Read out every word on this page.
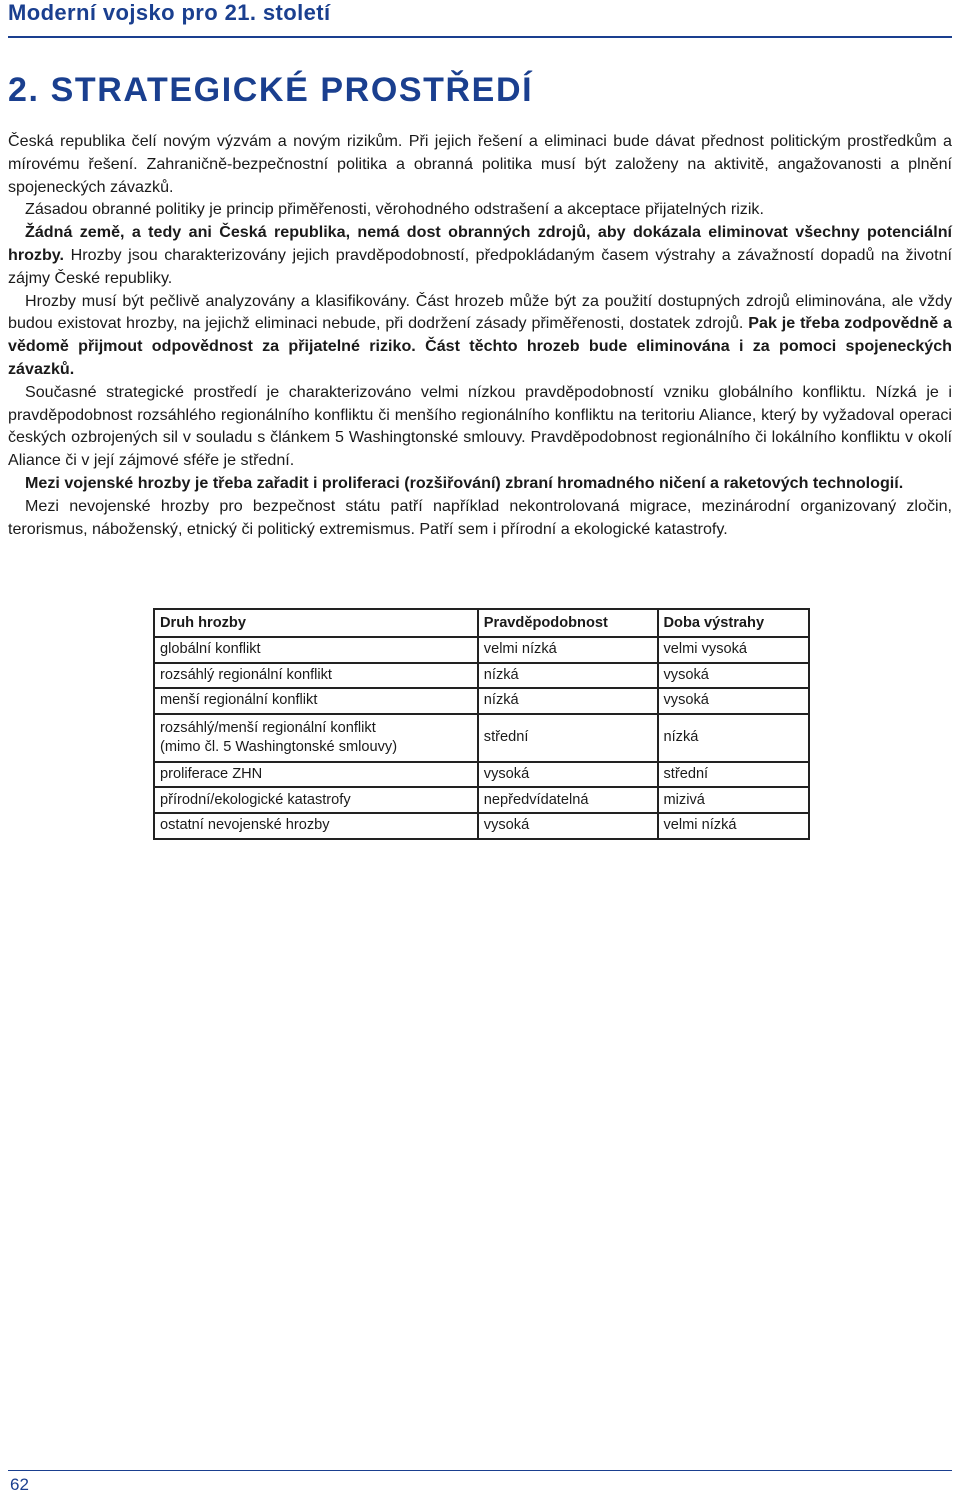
Moderní vojsko pro 21. století
2. STRATEGICKÉ PROSTŘEDÍ

Česká republika čelí novým výzvám a novým rizikům. Při jejich řešení a eliminaci bude dávat přednost politickým prostředkům a mírovému řešení. Zahraničně-bezpečnostní politika a obranná politika musí být založeny na aktivitě, angažovanosti a plnění spojeneckých závazků.

Zásadou obranné politiky je princip přiměřenosti, věrohodného odstrašení a akceptace přijatelných rizik.

Žádná země, a tedy ani Česká republika, nemá dost obranných zdrojů, aby dokázala eliminovat všechny potenciální hrozby. Hrozby jsou charakterizovány jejich pravděpodobností, předpokládaným časem výstrahy a závažností dopadů na životní zájmy České republiky.

Hrozby musí být pečlivě analyzovány a klasifikovány. Část hrozeb může být za použití dostupných zdrojů eliminována, ale vždy budou existovat hrozby, na jejichž eliminaci nebude, při dodržení zásady přiměřenosti, dostatek zdrojů. Pak je třeba zodpovědně a vědomě přijmout odpovědnost za přijatelné riziko. Část těchto hrozeb bude eliminována i za pomoci spojeneckých závazků.

Současné strategické prostředí je charakterizováno velmi nízkou pravděpodobností vzniku globálního konfliktu. Nízká je i pravděpodobnost rozsáhlého regionálního konfliktu či menšího regionálního konfliktu na teritoriu Aliance, který by vyžadoval operaci českých ozbrojených sil v souladu s článkem 5 Washingtonské smlouvy. Pravděpodobnost regionálního či lokálního konfliktu v okolí Aliance či v její zájmové sféře je střední.

Mezi vojenské hrozby je třeba zařadit i proliferaci (rozšiřování) zbraní hromadného ničení a raketových technologií.

Mezi nevojenské hrozby pro bezpečnost státu patří například nekontrolovaná migrace, mezinárodní organizovaný zločin, terorismus, náboženský, etnický či politický extremismus. Patří sem i přírodní a ekologické katastrofy.

Druh hrozby	Pravděpodobnost	Doba výstrahy
globální konflikt	velmi nízká	velmi vysoká
rozsáhlý regionální konflikt	nízká	vysoká
menší regionální konflikt	nízká	vysoká
rozsáhlý/menší regionální konflikt
(mimo čl. 5 Washingtonské smlouvy)	střední	nízká
proliferace ZHN	vysoká	střední
přírodní/ekologické katastrofy	nepředvídatelná	mizivá
ostatní nevojenské hrozby	vysoká	velmi nízká
62
